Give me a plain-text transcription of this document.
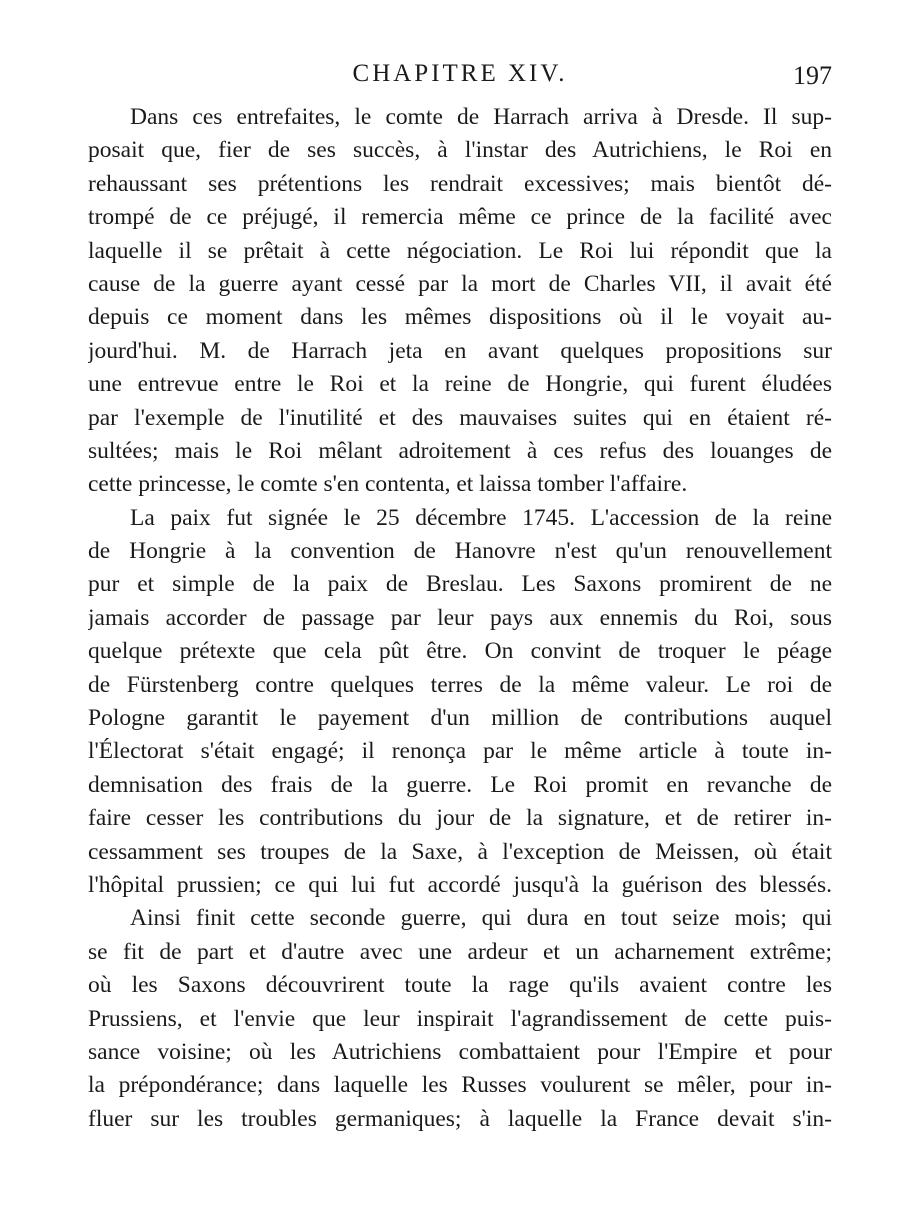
CHAPITRE XIV.	197
Dans ces entrefaites, le comte de Harrach arriva à Dresde. Il sup-
posait que, fier de ses succès, à l'instar des Autrichiens, le Roi en
rehaussant ses prétentions les rendrait excessives; mais bientôt dé-
trompé de ce préjugé, il remercia même ce prince de la facilité avec
laquelle il se prêtait à cette négociation. Le Roi lui répondit que la
cause de la guerre ayant cessé par la mort de Charles VII, il avait été
depuis ce moment dans les mêmes dispositions où il le voyait au-
jourd'hui. M. de Harrach jeta en avant quelques propositions sur
une entrevue entre le Roi et la reine de Hongrie, qui furent éludées
par l'exemple de l'inutilité et des mauvaises suites qui en étaient ré-
sultées; mais le Roi mêlant adroitement à ces refus des louanges de
cette princesse, le comte s'en contenta, et laissa tomber l'affaire.
La paix fut signée le 25 décembre 1745. L'accession de la reine
de Hongrie à la convention de Hanovre n'est qu'un renouvellement
pur et simple de la paix de Breslau. Les Saxons promirent de ne
jamais accorder de passage par leur pays aux ennemis du Roi, sous
quelque prétexte que cela pût être. On convint de troquer le péage
de Fürstenberg contre quelques terres de la même valeur. Le roi de
Pologne garantit le payement d'un million de contributions auquel
l'Électorat s'était engagé; il renonça par le même article à toute in-
demnisation des frais de la guerre. Le Roi promit en revanche de
faire cesser les contributions du jour de la signature, et de retirer in-
cessamment ses troupes de la Saxe, à l'exception de Meissen, où était
l'hôpital prussien; ce qui lui fut accordé jusqu'à la guérison des blessés.
Ainsi finit cette seconde guerre, qui dura en tout seize mois; qui
se fit de part et d'autre avec une ardeur et un acharnement extrême;
où les Saxons découvrirent toute la rage qu'ils avaient contre les
Prussiens, et l'envie que leur inspirait l'agrandissement de cette puis-
sance voisine; où les Autrichiens combattaient pour l'Empire et pour
la prépondérance; dans laquelle les Russes voulurent se mêler, pour in-
fluer sur les troubles germaniques; à laquelle la France devait s'in-
